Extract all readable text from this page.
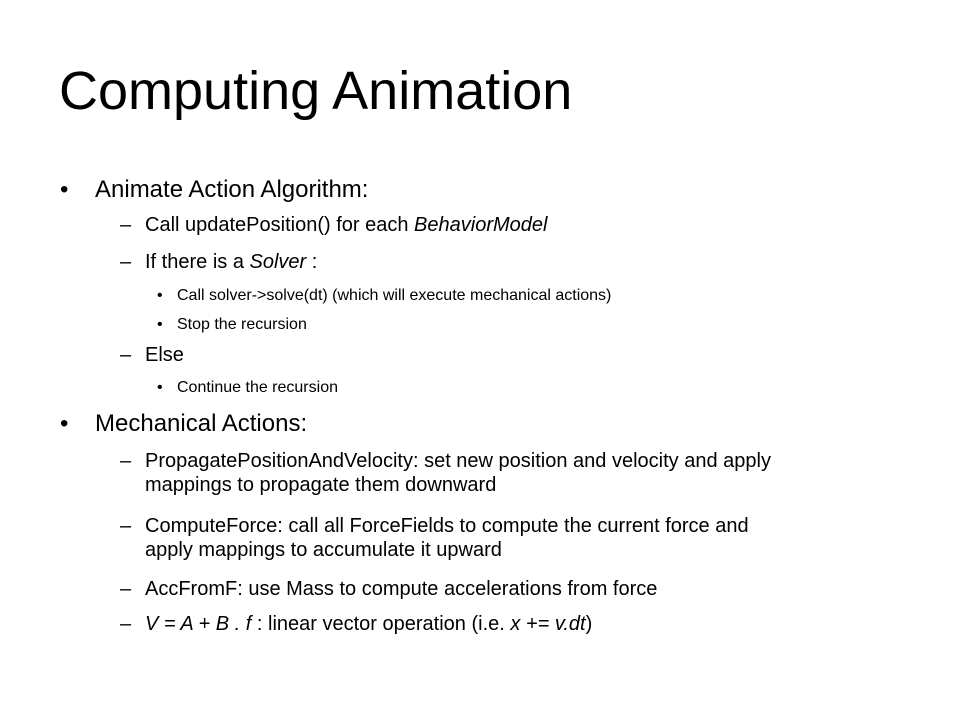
Computing Animation
• Animate Action Algorithm:
– Call updatePosition() for each BehaviorModel
– If there is a Solver :
• Call solver->solve(dt) (which will execute mechanical actions)
• Stop the recursion
– Else
• Continue the recursion
• Mechanical Actions:
– PropagatePositionAndVelocity: set new position and velocity and apply
mappings to propagate them downward
– ComputeForce: call all ForceFields to compute the current force and
apply mappings to accumulate it upward
– AccFromF: use Mass to compute accelerations from force
– V = A + B . f : linear vector operation (i.e. x += v.dt)
